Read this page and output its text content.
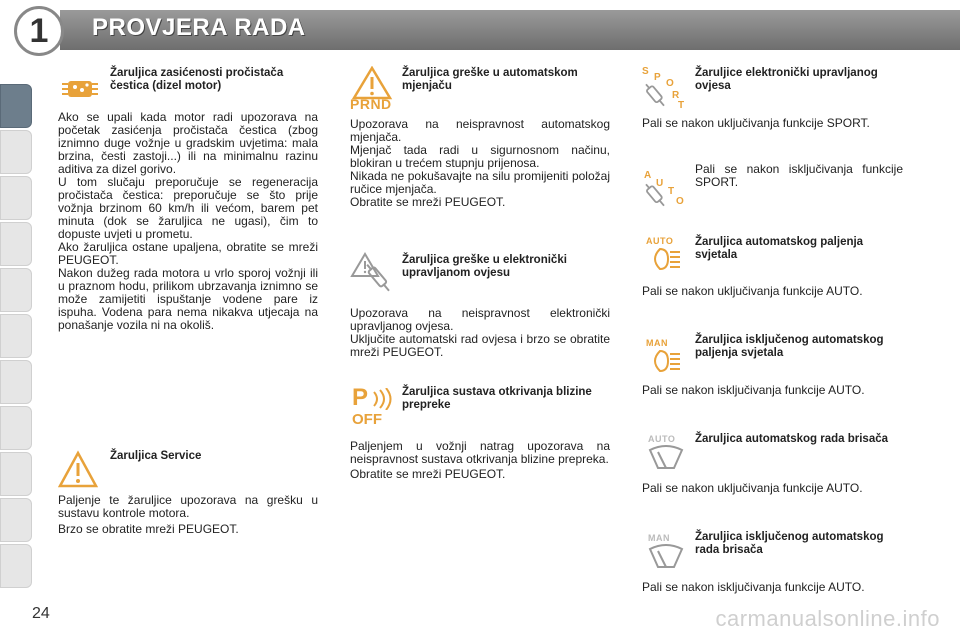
1	PROVJERA RADA
Žaruljica zasićenosti pročistača čestica (dizel motor)
Ako se upali kada motor radi upozorava na početak zasićenja pročistača čestica (zbog iznimno duge vožnje u gradskim uvjetima: mala brzina, česti zastoji...) ili na minimalnu razinu aditiva za dizel gorivo.
U tom slučaju preporučuje se regeneracija pročistača čestica: preporučuje se što prije vožnja brzinom 60 km/h ili većom, barem pet minuta (dok se žaruljica ne ugasi), čim to dopuste uvjeti u prometu.
Ako žaruljica ostane upaljena, obratite se mreži PEUGEOT.
Nakon dužeg rada motora u vrlo sporoj vožnji ili u praznom hodu, prilikom ubrzavanja iznimno se može zamijetiti ispuštanje vodene pare iz ispuha. Vodena para nema nikakva utjecaja na ponašanje vozila ni na okoliš.
Žaruljica Service
Paljenje te žaruljice upozorava na grešku u sustavu kontrole motora.
Brzo se obratite mreži PEUGEOT.
PRND
Žaruljica greške u automatskom mjenjaču
Upozorava na neispravnost automatskog mjenjača.
Mjenjač tada radi u sigurnosnom načinu, blokiran u trećem stupnju prijenosa.
Nikada ne pokušavajte na silu promijeniti položaj ručice mjenjača.
Obratite se mreži PEUGEOT.
Žaruljica greške u elektronički upravljanom ovjesu
Upozorava na neispravnost elektronički upravljanog ovjesa.
Uključite automatski rad ovjesa i brzo se obratite mreži PEUGEOT.
P
OFF
Žaruljica sustava otkrivanja blizine prepreke
Paljenjem u vožnji natrag upozorava na neispravnost sustava otkrivanja blizine prepreka.
Obratite se mreži PEUGEOT.
S
P
O
R
T
Žaruljice elektronički upravljanog ovjesa
Pali se nakon uključivanja funkcije SPORT.
A
U
T
O
Pali se nakon isključivanja funkcije SPORT.
AUTO	Žaruljica automatskog paljenja svjetala
Pali se nakon uključivanja funkcije AUTO.
MAN	Žaruljica isključenog automatskog paljenja svjetala
Pali se nakon isključivanja funkcije AUTO.
AUTO	Žaruljica automatskog rada brisača
Pali se nakon uključivanja funkcije AUTO.
MAN	Žaruljica isključenog automatskog rada brisača
Pali se nakon isključivanja funkcije AUTO.
24	carmanualsonline.info
